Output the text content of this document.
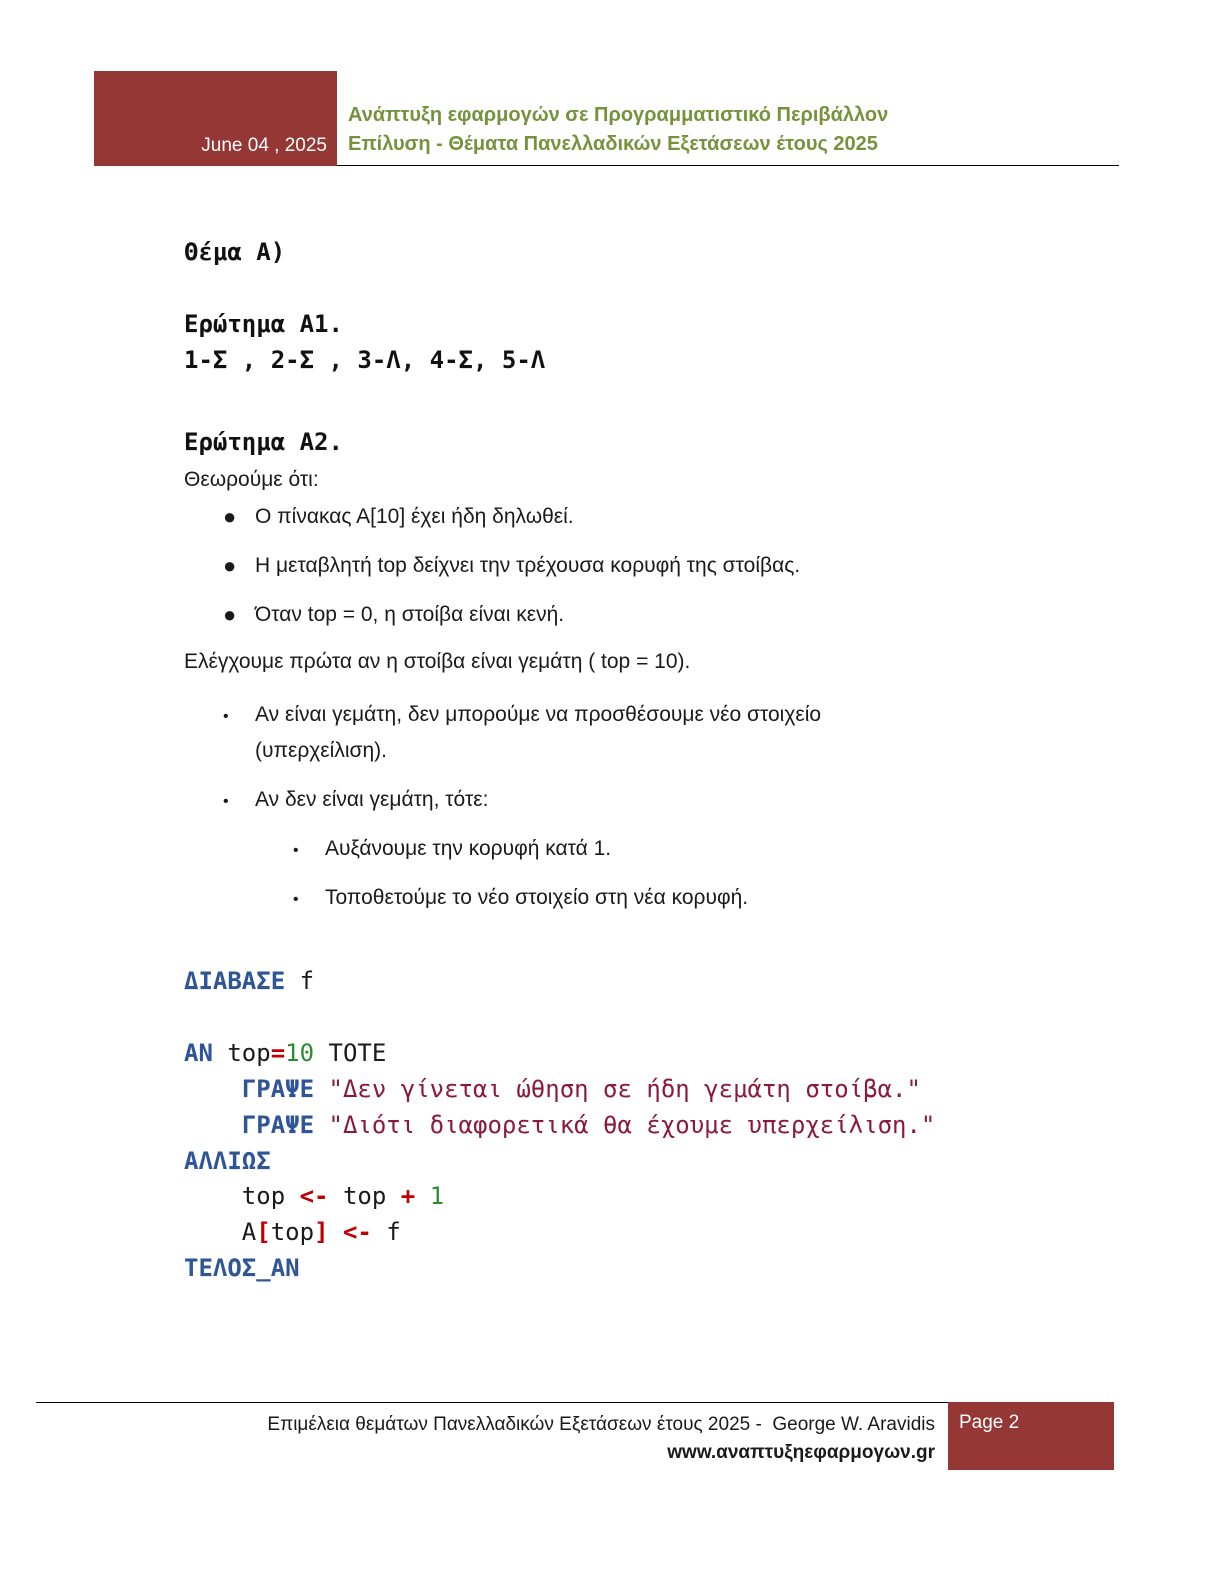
June 04 , 2025
Ανάπτυξη εφαρμογών σε Προγραμματιστικό Περιβάλλον
Επίλυση - Θέματα Πανελλαδικών Εξετάσεων έτους 2025
Θέμα Α)
Ερώτημα Α1.
1-Σ , 2-Σ , 3-Λ, 4-Σ, 5-Λ
Ερώτημα Α2.
Θεωρούμε ότι:
● Ο πίνακας Α[10] έχει ήδη δηλωθεί.
● Η μεταβλητή top δείχνει την τρέχουσα κορυφή της στοίβας.
● Όταν top = 0, η στοίβα είναι κενή.
Ελέγχουμε πρώτα αν η στοίβα είναι γεμάτη ( top = 10).
• Αν είναι γεμάτη, δεν μπορούμε να προσθέσουμε νέο στοιχείο
(υπερχείλιση).
• Αν δεν είναι γεμάτη, τότε:
• Αυξάνουμε την κορυφή κατά 1.
• Τοποθετούμε το νέο στοιχείο στη νέα κορυφή.
ΔΙΑΒΑΣΕ f
ΑΝ top=10 ΤΟΤΕ
ΓΡΑΨΕ "Δεν γίνεται ώθηση σε ήδη γεμάτη στοίβα."
ΓΡΑΨΕ "Διότι διαφορετικά θα έχουμε υπερχείλιση."
ΑΛΛΙΩΣ
top <- top + 1
A[top] <- f
ΤΕΛΟΣ_ΑΝ
Επιμέλεια θεμάτων Πανελλαδικών Εξετάσεων έτους 2025 -  George W. Aravidis
www.αναπτυξηεφαρμογων.gr
Page 2
